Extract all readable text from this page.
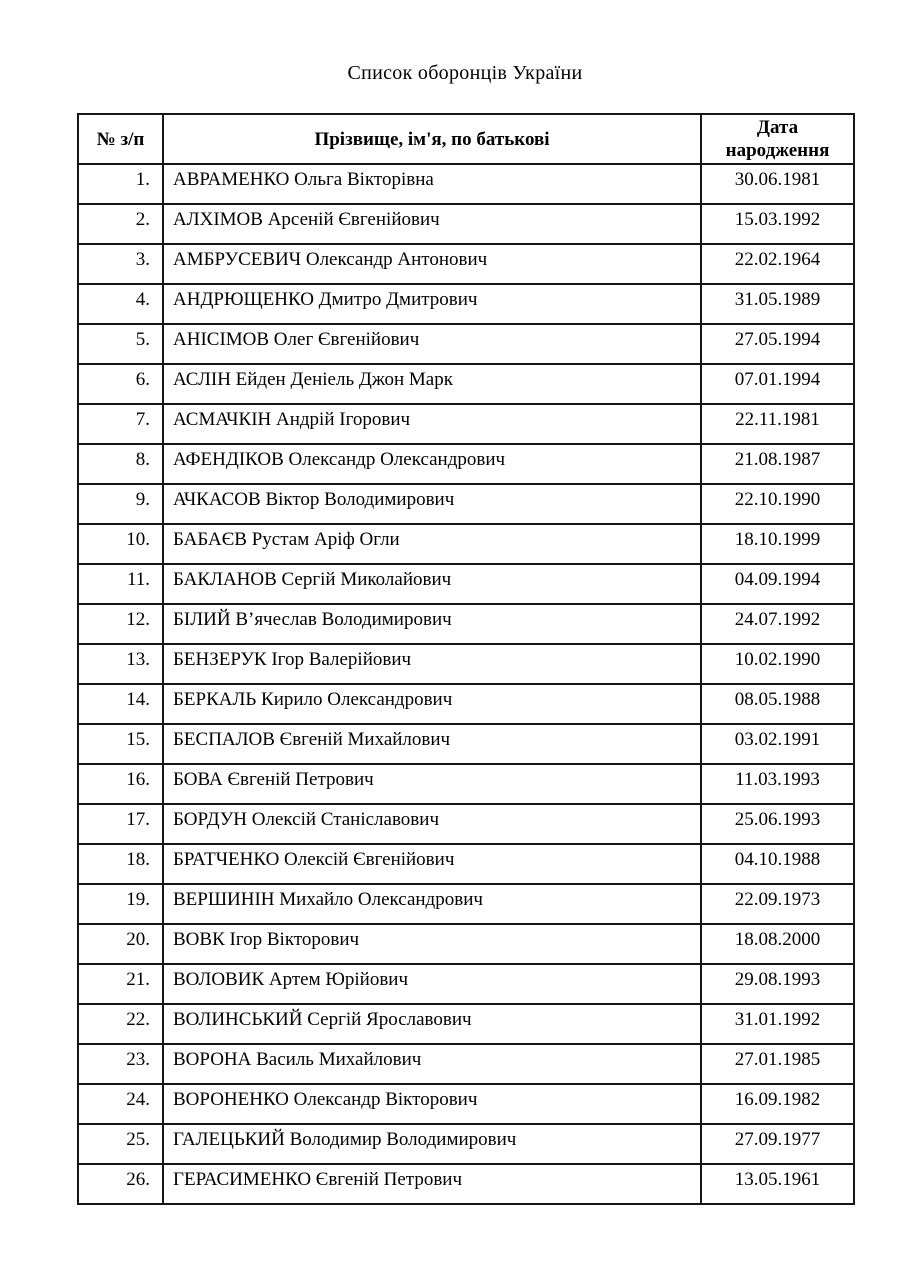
Список оборонців України
№ з/п	Прізвище, ім'я, по батькові	Дата народження
1.	АВРАМЕНКО Ольга Вікторівна	30.06.1981
2.	АЛХІМОВ Арсеній Євгенійович	15.03.1992
3.	АМБРУСЕВИЧ Олександр Антонович	22.02.1964
4.	АНДРЮЩЕНКО Дмитро Дмитрович	31.05.1989
5.	АНІСІМОВ Олег Євгенійович	27.05.1994
6.	АСЛІН Ейден Деніель Джон Марк	07.01.1994
7.	АСМАЧКІН Андрій Ігорович	22.11.1981
8.	АФЕНДІКОВ Олександр Олександрович	21.08.1987
9.	АЧКАСОВ Віктор Володимирович	22.10.1990
10.	БАБАЄВ Рустам Аріф Огли	18.10.1999
11.	БАКЛАНОВ Сергій Миколайович	04.09.1994
12.	БІЛИЙ В’ячеслав Володимирович	24.07.1992
13.	БЕНЗЕРУК Ігор Валерійович	10.02.1990
14.	БЕРКАЛЬ Кирило Олександрович	08.05.1988
15.	БЕСПАЛОВ Євгеній Михайлович	03.02.1991
16.	БОВА Євгеній Петрович	11.03.1993
17.	БОРДУН Олексій Станіславович	25.06.1993
18.	БРАТЧЕНКО Олексій Євгенійович	04.10.1988
19.	ВЕРШИНІН Михайло Олександрович	22.09.1973
20.	ВОВК Ігор Вікторович	18.08.2000
21.	ВОЛОВИК Артем Юрійович	29.08.1993
22.	ВОЛИНСЬКИЙ Сергій Ярославович	31.01.1992
23.	ВОРОНА Василь Михайлович	27.01.1985
24.	ВОРОНЕНКО Олександр Вікторович	16.09.1982
25.	ГАЛЕЦЬКИЙ Володимир Володимирович	27.09.1977
26.	ГЕРАСИМЕНКО Євгеній Петрович	13.05.1961
